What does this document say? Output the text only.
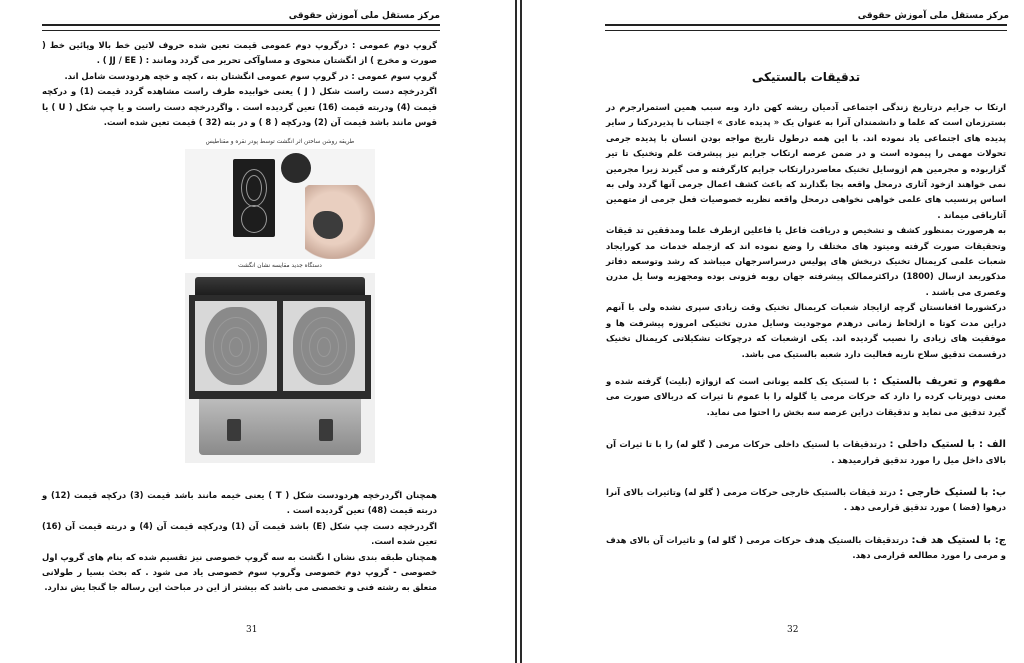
مرکز مستقل ملی آموزش حقوقی

گروپ دوم عمومی : درگروپ دوم عمومی قیمت تعین شده حروف لاتین خط بالا وپائین خط ( صورت و مخرج ) از انگشتان منحوی و مساوآکی تحریر می گردد ومانند : ( JJ / EE ) .

گروپ سوم عمومی : در گروپ سوم عمومی انگشتان بته ، کچه و خچه هردودست شامل اند.

اگردرخچه دست راست شکل ( J ) یعنی خوابیده طرف راست مشاهده گردد قیمت (1) و درکچه قیمت (4) ودربته قیمت (16) تعین گردیده است . واگردرخچه دست راست و یا چپ شکل ( U ) یا قوس مانند باشد قیمت آن (2) ودرکچه ( 8 ) و در بته (32 ) قیمت تعین شده است.

طریقه روشن ساختن اثر انگشت توسط پودر نقره و مقناطیس
دستگاه جدید مقایسه نشان انگشت

همچنان اگردرخچه هردودست شکل ( T ) یعنی خیمه مانند باشد قیمت (3) درکچه قیمت (12) و دربته قیمت (48) تعین گردیده است .

اگردرخچه دست چپ شکل (E) باشد قیمت آن (1) ودرکچه قیمت آن (4) و دربته قیمت آن (16) تعین شده است.

همچنان طبقه بندی نشان ا نگشت به سه گروپ خصوصی نیز تقسیم شده که بنام های گروپ اول خصوصی - گروپ دوم خصوصی وگروپ سوم خصوصی یاد می شود . که بحث بسیا ر طولانی متعلق به رشته فنی و تخصصی می باشد که بیشتر از این در مباحث این رساله جا گنجا یش ندارد.

31
مرکز مستقل ملی آموزش حقوقی
تدقیقات بالستیکی

ارتکا ب جرایم درتاریخ زندگی اجتماعی آدمیان ریشه کهن دارد وبه سبب همین استمرارجرم در بسترزمان است که علما و دانشمندان آنرا به عنوان یک « پدیده عادی » اجتناب نا پذیردرکنا ر سایر پدیده های اجتماعی یاد نموده اند. با این همه درطول تاریخ مواجه بودن انسان با پدیده جرمی تحولات مهمی را پیموده است و در ضمن عرصه ارتکاب جرایم نیز پیشرفت علم وتخنیک تا تیر گزاربوده و مجرمین هم ازوسایل تخنیک معاصردرارتکاب جرایم کارگرفته و می گیرند زیرا مجرمین نمی خواهند ازخود آثاری درمحل واقعه بجا بگذارند که باعث کشف اعمال جرمی آنها گردد ولی به اساس پرنسیب های علمی خواهی نخواهی درمحل واقعه نظربه خصوصیات فعل جرمی از متهمین آثارباقی میماند .

به هرصورت بمنظور کشف و تشخیص و دریافت فاعل یا فاعلین ازطرف علما ومدققین تد قیقات وتحقیقات صورت گرفته ومیتود های مختلف را وضع نموده اند که ازجمله خدمات مد کورایجاد شعبات علمی کریمنال تخنیک دربخش های پولیس درسراسرجهان میباشد که رشد وتوسعه دفاتر مذکوربعد ازسال (1800) دراکثرممالک پیشرفته جهان روبه فزونی بوده ومجهزبه وسا یل مدرن وعصری می باشند .

درکشورما افغانستان گرچه ازایجاد شعبات کریمنال تخنیک وقت زیادی سپری نشده ولی با آنهم دراین مدت کوتا ه ازلحاظ زمانی درهدم موجودیت وسایل مدرن تخنیکی امروزه پیشرفت ها و موفقیت های زیادی را نصیب گردیده اند. یکی ازشعبات که درچوکات تشکیلاتی کریمنال تخنیک درقسمت تدقیق سلاح ناریه فعالیت دارد شعبه بالستیک می باشد.

مفهوم و تعریف بالستیک : با لستیک یک کلمه یونانی است که ازواژه (بلیت) گرفته شده و معنی دوپرتاب کرده را دارد که حرکات مرمی یا گلوله را با عموم تا ثیرات که دربالای صورت می گیرد تدقیق می نماید و تدقیقات دراین عرصه سه بخش را احتوا می نماید.

الف : با لستیک داخلی : درتدقیقات با لستیک داخلی حرکات مرمی ( گلو له) را با تا ثیرات آن بالای داخل میل را مورد تدقیق قرارمیدهد .

ب: با لستیک خارجی : درتد قیقات بالستیک خارجی حرکات مرمی ( گلو له) وتاثیرات بالای آنرا درهوا (فضا ) مورد تدقیق قرارمی دهد .

ج: با لستیک هد ف: درتدقیقات بالستیک هدف حرکات مرمی ( گلو له) و تاثیرات آن بالای هدف و مرمی را مورد مطالعه قرارمی دهد.

32
